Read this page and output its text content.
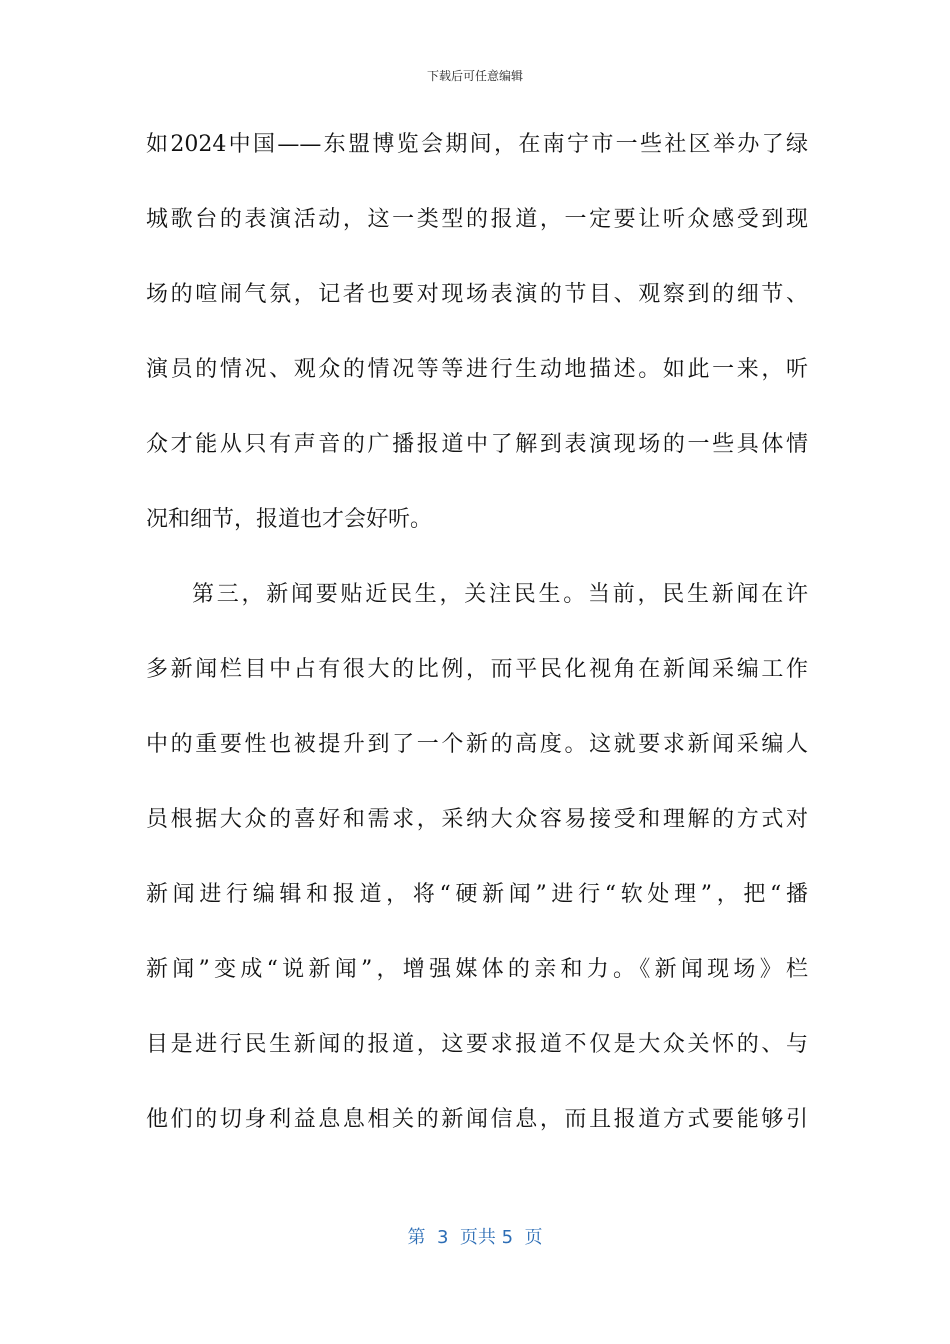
下载后可任意编辑
如2024中国——东盟博览会期间，在南宁市一些社区举办了绿
城歌台的表演活动，这一类型的报道，一定要让听众感受到现
场的喧闹气氛，记者也要对现场表演的节目、观察到的细节、
演员的情况、观众的情况等等进行生动地描述。如此一来，听
众才能从只有声音的广播报道中了解到表演现场的一些具体情
况和细节，报道也才会好听。
第三，新闻要贴近民生，关注民生。当前，民生新闻在许
多新闻栏目中占有很大的比例，而平民化视角在新闻采编工作
中的重要性也被提升到了一个新的高度。这就要求新闻采编人
员根据大众的喜好和需求，采纳大众容易接受和理解的方式对
新闻进行编辑和报道，将“硬新闻”进行“软处理”，把“播
新闻”变成“说新闻”，增强媒体的亲和力。《新闻现场》栏
目是进行民生新闻的报道，这要求报道不仅是大众关怀的、与
他们的切身利益息息相关的新闻信息，而且报道方式要能够引
第  3  页共 5  页
